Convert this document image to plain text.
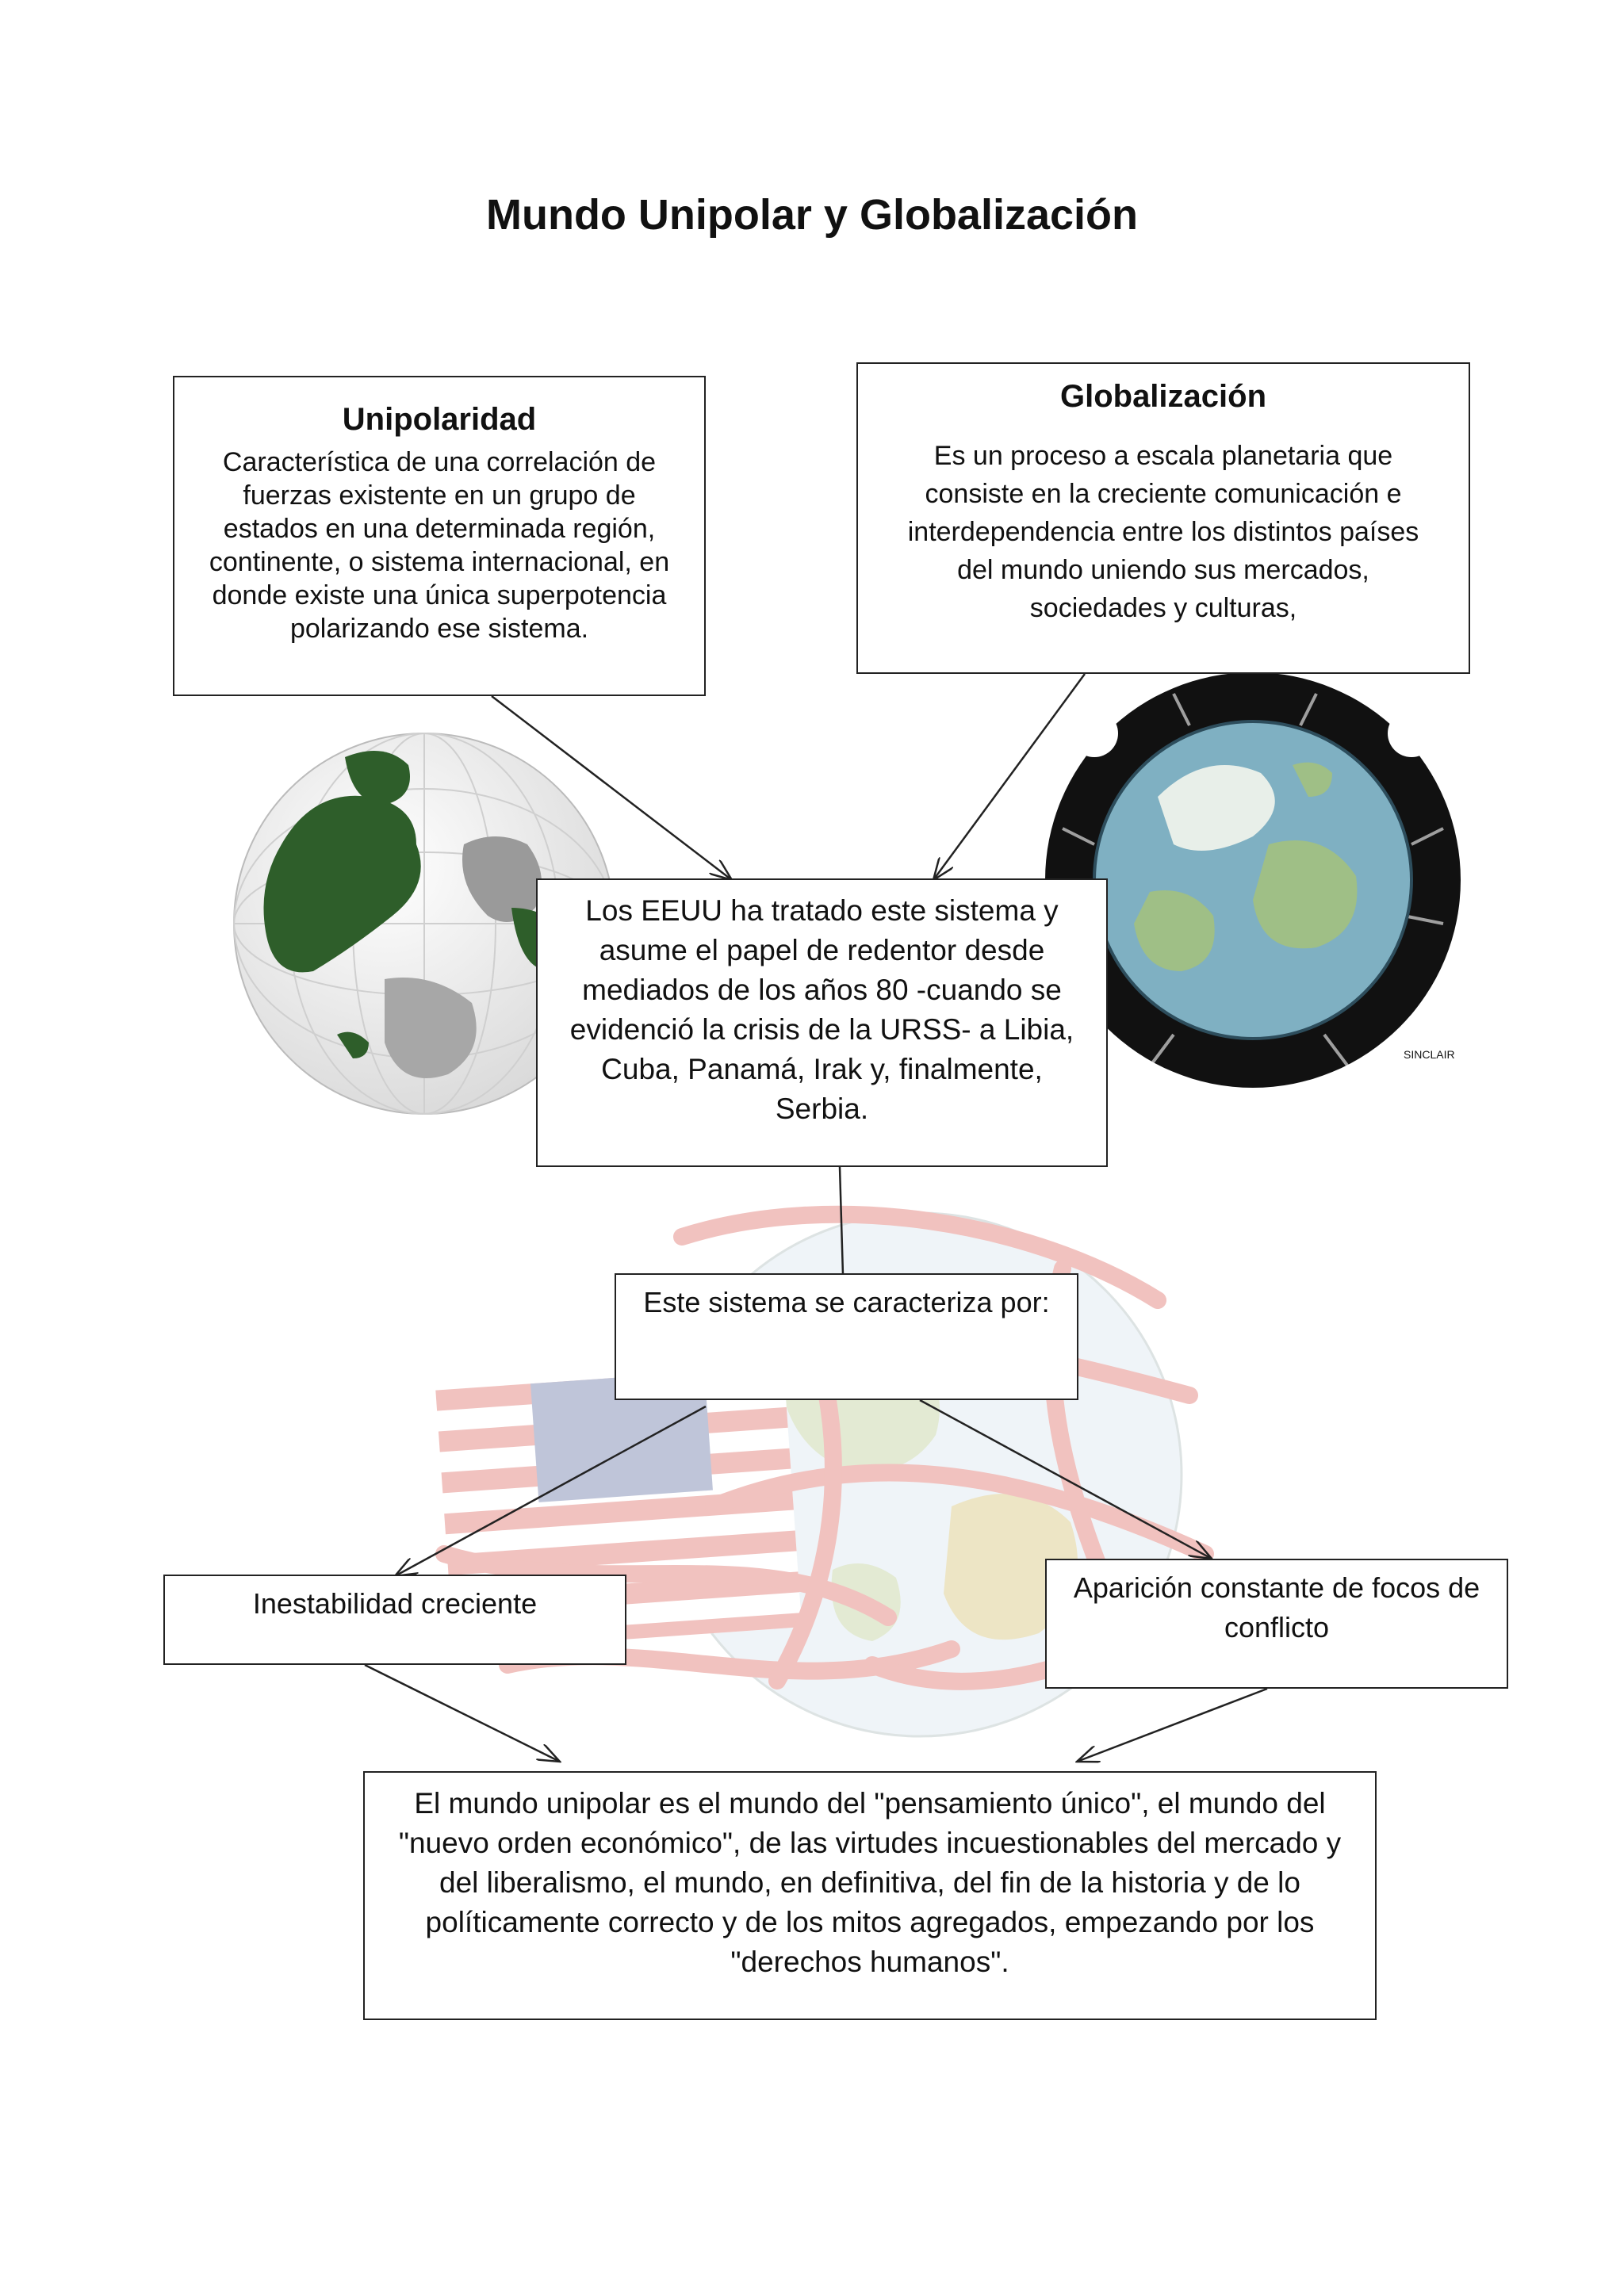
SINCLAIR
Mundo Unipolar y Globalización
Unipolaridad

Característica de una correlación de fuerzas existente en un grupo de estados en una determinada región, continente, o sistema internacional, en donde existe una única superpotencia polarizando ese sistema.

Globalización

Es un proceso a escala planetaria que consiste en la creciente comunicación e interdependencia entre los distintos países del mundo uniendo sus mercados, sociedades y culturas,

Los EEUU ha tratado este sistema y asume el papel de redentor desde mediados de los años 80 -cuando se evidenció la crisis de la URSS- a Libia, Cuba, Panamá, Irak y, finalmente, Serbia.

Este sistema se caracteriza por:

Inestabilidad creciente	Aparición constante de focos de conflicto

El mundo unipolar es el mundo del "pensamiento único", el mundo del "nuevo orden económico", de las virtudes incuestionables del mercado y del liberalismo, el mundo, en definitiva, del fin de la historia y de lo políticamente correcto y de los mitos agregados, empezando por los "derechos humanos".
